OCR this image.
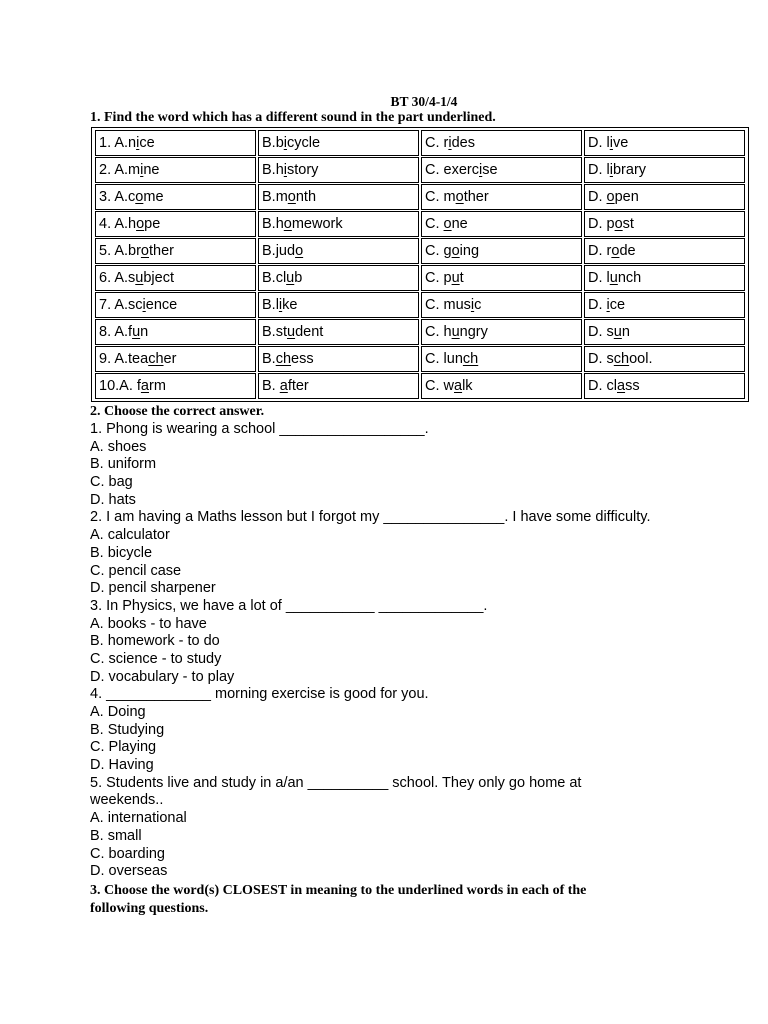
BT 30/4-1/4
1. Find the word which has a different sound in the part underlined.
1. A.nice	B.bicycle	C. rides	D. live
2. A.mine	B.history	C. exercise	D. library
3. A.come	B.month	C. mother	D. open
4. A.hope	B.homework	C. one	D. post
5. A.brother	B.judo	C. going	D. rode
6. A.subject	B.club	C. put	D. lunch
7. A.science	B.like	C. music	D. ice
8. A.fun	B.student	C. hungry	D. sun
9. A.teacher	B.chess	C. lunch	D. school.
10.A. farm	B. after	C. walk	D. class
2. Choose the correct answer.
1. Phong is wearing a school __________________.
A. shoes
B. uniform
C. bag
D. hats
2. I am having a Maths lesson but I forgot my _______________. I have some difficulty.
A. calculator
B. bicycle
C. pencil case
D. pencil sharpener
3. In Physics, we have a lot of ___________ _____________.
A. books - to have
B. homework - to do
C. science - to study
D. vocabulary - to play
4. _____________ morning exercise is good for you.
A. Doing
B. Studying
C. Playing
D. Having
5. Students live and study in a/an __________ school. They only go home at
weekends..
A. international
B. small
C. boarding
D. overseas
3. Choose the word(s) CLOSEST in meaning to the underlined words in each of the
following questions.
